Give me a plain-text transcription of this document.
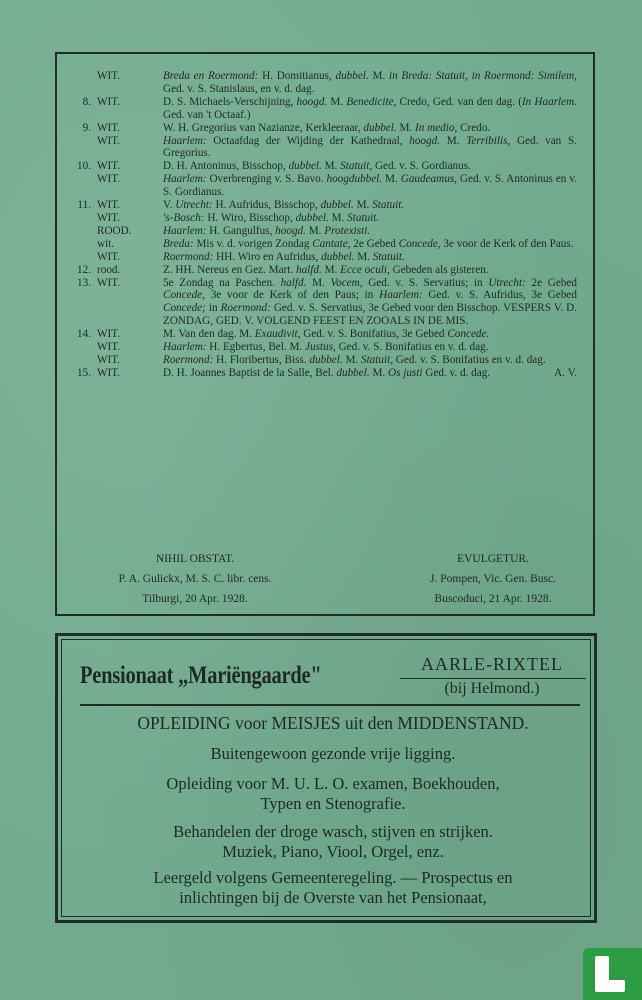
WIT.	Breda en Roermond: H. Domitianus, dubbel. M. in Breda: Statuit, in Roermond: Similem, Ged. v. S. Stanislaus, en v. d. dag.
8. WIT.	D. S. Michaels-Verschijning, hoogd. M. Benedicite, Credo, Ged. van den dag. (In Haarlem. Ged. van 't Octaaf.)
9. WIT.	W. H. Gregorius van Nazianze, Kerkleeraar, dubbel. M. In medio, Credo.
WIT.	Haarlem: Octaafdag der Wijding der Kathedraal, hoogd. M. Terribilis, Ged. van S. Gregorius.
10. WIT.	D. H. Antoninus, Bisschop, dubbel. M. Statuit, Ged. v. S. Gordianus.
WIT.	Haarlem: Overbrenging v. S. Bavo. hoogdubbel. M. Gaudeamus, Ged. v. S. Antoninus en v. S. Gordianus.
11. WIT.	V. Utrecht: H. Aufridus, Bisschop, dubbel. M. Statuit.
WIT.	's-Bosch: H. Wiro, Bisschop, dubbel. M. Statuit.
ROOD.	Haarlem: H. Gangulfus, hoogd. M. Protexisti.
wit.	Breda: Mis v. d. vorigen Zondag Cantate, 2e Gebed Concede, 3e voor de Kerk of den Paus.
WIT.	Roermond: HH. Wiro en Aufridus, dubbel. M. Statuit.
12. rood.	Z. HH. Nereus en Gez. Mart. halfd. M. Ecce oculi, Gebeden als gisteren.
13. WIT.	5e Zondag na Paschen. halfd. M. Vocem, Ged. v. S. Servatius; in Utrecht: 2e Gebed Concede, 3e voor de Kerk of den Paus; in Haarlem: Ged. v. S. Aufridus, 3e Gebed Concede; in Roermond: Ged. v. S. Servatius, 3e Gebed voor den Bisschop. VESPERS V. D. ZONDAG, GED. V. VOLGEND FEEST EN ZOOALS IN DE MIS.
14. WIT.	M. Van den dag. M. Exaudivit, Ged. v. S. Bonifatius, 3e Gebed Concede.
WIT.	Haarlem: H. Egbertus, Bel. M. Justus, Ged. v. S. Bonifatius en v. d. dag.
WIT.	Roermond: H. Floribertus, Biss. dubbel. M. Statuit, Ged. v. S. Bonifatius en v. d. dag.
15. WIT.	D. H. Joannes Baptist de la Salle, Bel. dubbel. M. Os justi Ged. v. d. dag.	A. V.
NIHIL OBSTAT.
P. A. Gulickx, M. S. C. libr. cens.
Tilburgi, 20 Apr. 1928.
EVULGETUR.
J. Pompen, Vic. Gen. Busc.
Buscoduci, 21 Apr. 1928.
Pensionaat „Mariëngaarde"	AARLE-RIXTEL
(bij Helmond.)
OPLEIDING voor MEISJES uit den MIDDENSTAND.
Buitengewoon gezonde vrije ligging.
Opleiding voor M. U. L. O. examen, Boekhouden,
Typen en Stenografie.
Behandelen der droge wasch, stijven en strijken.
Muziek, Piano, Viool, Orgel, enz.
Leergeld volgens Gemeenteregeling. — Prospectus en
inlichtingen bij de Overste van het Pensionaat,
